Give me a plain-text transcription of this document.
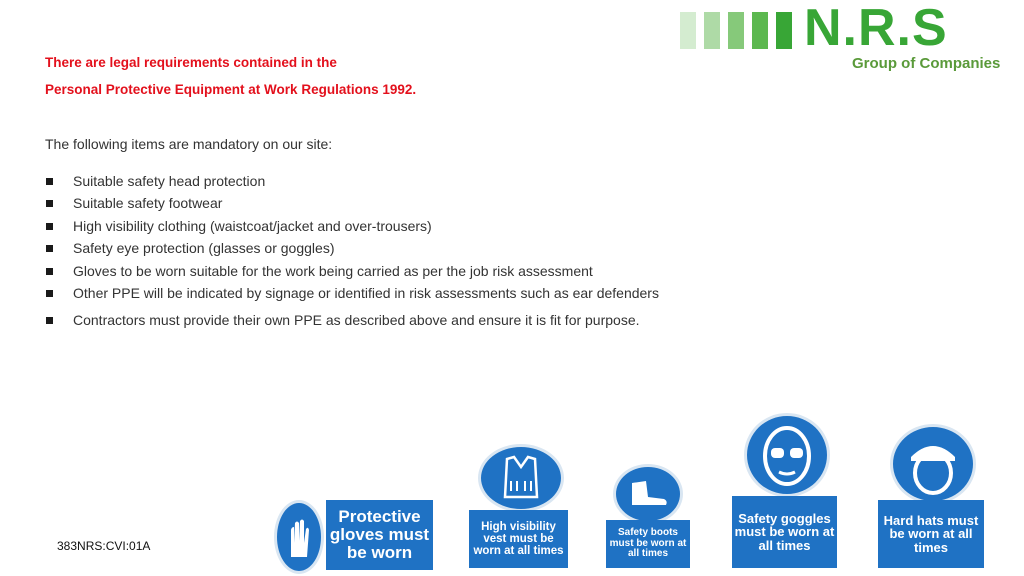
There are legal requirements contained in the
Personal Protective Equipment at Work Regulations 1992.
The following items are mandatory on our site:
Suitable safety head protection
Suitable safety footwear
High visibility clothing (waistcoat/jacket and over-trousers)
Safety eye protection (glasses or goggles)
Gloves to be worn suitable for the work being carried as per the job risk assessment
Other PPE will be indicated by signage or identified in risk assessments such as ear defenders
Contractors must provide their own PPE as described above and ensure it is fit for purpose.
N.R.S
Group of Companies
Protective gloves must be worn
High visibility vest must be worn at all times
Safety boots must be worn at all times
Safety goggles must be worn at all times
Hard hats must be worn at all times
383NRS:CVI:01A
